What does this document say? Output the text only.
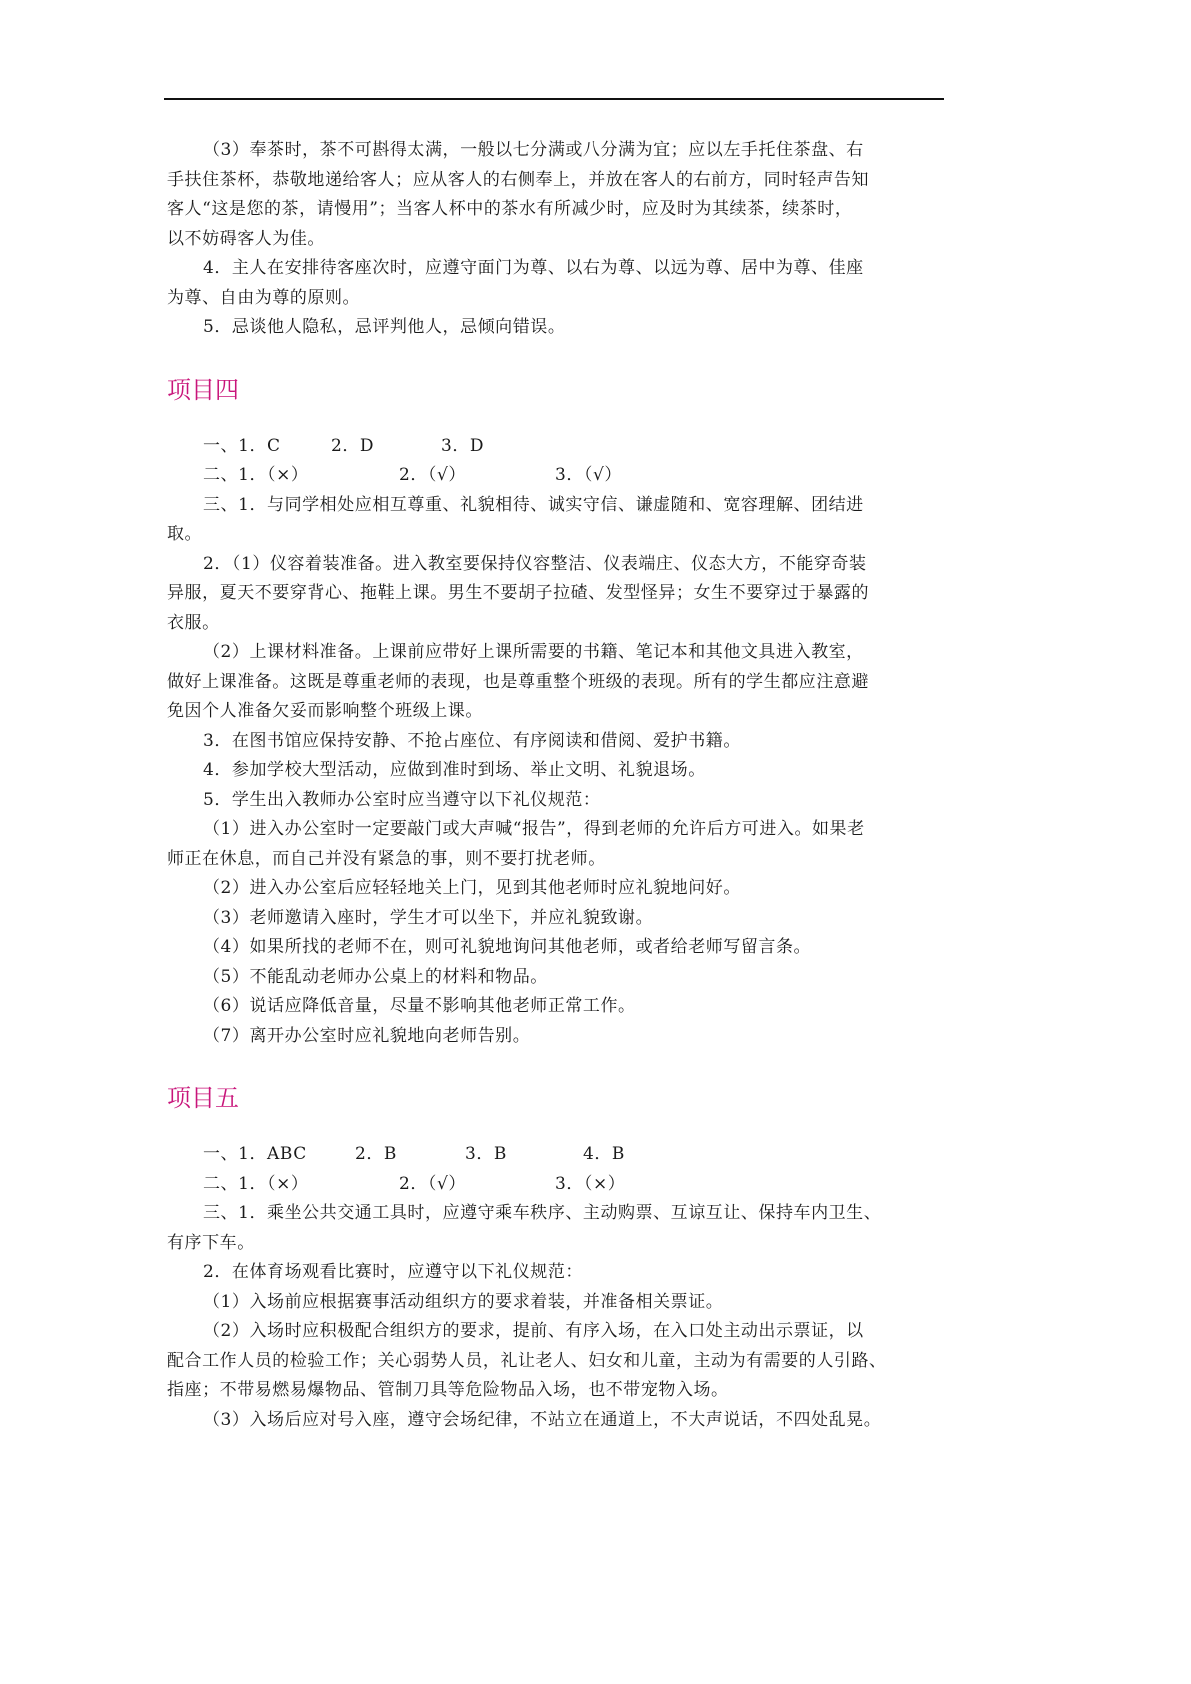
（3）奉茶时，茶不可斟得太满，一般以七分满或八分满为宜；应以左手托住茶盘、右
手扶住茶杯，恭敬地递给客人；应从客人的右侧奉上，并放在客人的右前方，同时轻声告知
客人“这是您的茶，请慢用”；当客人杯中的茶水有所减少时，应及时为其续茶，续茶时，
以不妨碍客人为佳。
4．主人在安排待客座次时，应遵守面门为尊、以右为尊、以远为尊、居中为尊、佳座
为尊、自由为尊的原则。
5．忌谈他人隐私，忌评判他人，忌倾向错误。
项目四
一、1．C	2．D	3．D
二、1．（×）	2．（√）	3．（√）
三、1．与同学相处应相互尊重、礼貌相待、诚实守信、谦虚随和、宽容理解、团结进
取。
2．（1）仪容着装准备。进入教室要保持仪容整洁、仪表端庄、仪态大方，不能穿奇装
异服，夏天不要穿背心、拖鞋上课。男生不要胡子拉碴、发型怪异；女生不要穿过于暴露的
衣服。
（2）上课材料准备。上课前应带好上课所需要的书籍、笔记本和其他文具进入教室，
做好上课准备。这既是尊重老师的表现，也是尊重整个班级的表现。所有的学生都应注意避
免因个人准备欠妥而影响整个班级上课。
3．在图书馆应保持安静、不抢占座位、有序阅读和借阅、爱护书籍。
4．参加学校大型活动，应做到准时到场、举止文明、礼貌退场。
5．学生出入教师办公室时应当遵守以下礼仪规范：
（1）进入办公室时一定要敲门或大声喊“报告”，得到老师的允许后方可进入。如果老
师正在休息，而自己并没有紧急的事，则不要打扰老师。
（2）进入办公室后应轻轻地关上门，见到其他老师时应礼貌地问好。
（3）老师邀请入座时，学生才可以坐下，并应礼貌致谢。
（4）如果所找的老师不在，则可礼貌地询问其他老师，或者给老师写留言条。
（5）不能乱动老师办公桌上的材料和物品。
（6）说话应降低音量，尽量不影响其他老师正常工作。
（7）离开办公室时应礼貌地向老师告别。
项目五
一、1．ABC	2．B	3．B	4．B
二、1．（×）	2．（√）	3．（×）
三、1．乘坐公共交通工具时，应遵守乘车秩序、主动购票、互谅互让、保持车内卫生、
有序下车。
2．在体育场观看比赛时，应遵守以下礼仪规范：
（1）入场前应根据赛事活动组织方的要求着装，并准备相关票证。
（2）入场时应积极配合组织方的要求，提前、有序入场，在入口处主动出示票证，以
配合工作人员的检验工作；关心弱势人员，礼让老人、妇女和儿童，主动为有需要的人引路、
指座；不带易燃易爆物品、管制刀具等危险物品入场，也不带宠物入场。
（3）入场后应对号入座，遵守会场纪律，不站立在通道上，不大声说话，不四处乱晃。
